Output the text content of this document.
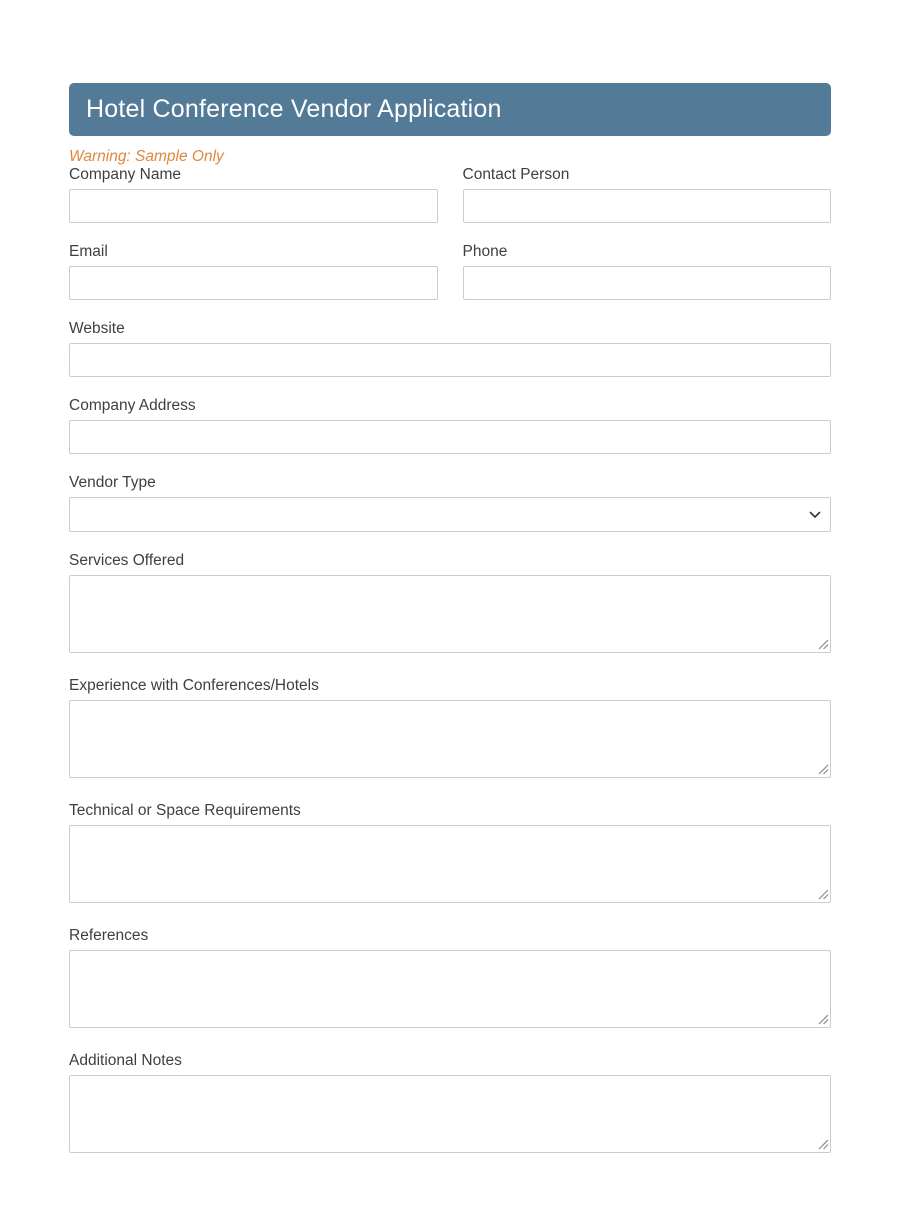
Hotel Conference Vendor Application
Warning: Sample Only
Company Name	Contact Person
Email	Phone
Website
Company Address
Vendor Type
Services Offered
Experience with Conferences/Hotels
Technical or Space Requirements
References
Additional Notes
